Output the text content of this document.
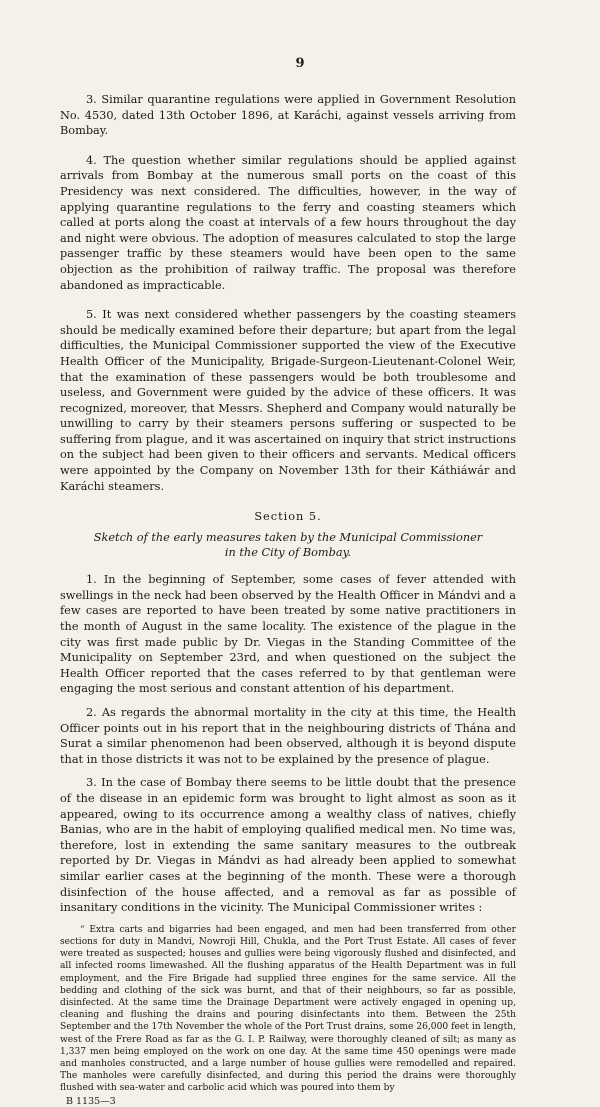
9

3. Similar quarantine regulations were applied in Government Resolution No. 4530, dated 13th October 1896, at Karáchi, against vessels arriving from Bombay.

4. The question whether similar regulations should be applied against arrivals from Bombay at the numerous small ports on the coast of this Presidency was next considered. The difficulties, however, in the way of applying quarantine regulations to the ferry and coasting steamers which called at ports along the coast at intervals of a few hours throughout the day and night were obvious. The adoption of measures calculated to stop the large passenger traffic by these steamers would have been open to the same objection as the prohibition of railway traffic. The proposal was therefore abandoned as impracticable.

5. It was next considered whether passengers by the coasting steamers should be medically examined before their departure; but apart from the legal difficulties, the Municipal Commissioner supported the view of the Executive Health Officer of the Municipality, Brigade-Surgeon-Lieutenant-Colonel Weir, that the examination of these passengers would be both troublesome and useless, and Government were guided by the advice of these officers. It was recognized, moreover, that Messrs. Shepherd and Company would naturally be unwilling to carry by their steamers persons suffering or suspected to be suffering from plague, and it was ascertained on inquiry that strict instructions on the subject had been given to their officers and servants. Medical officers were appointed by the Company on November 13th for their Káthiáwár and Karáchi steamers.

Section 5.
Sketch of the early measures taken by the Municipal Commissioner
in the City of Bombay.

1. In the beginning of September, some cases of fever attended with swellings in the neck had been observed by the Health Officer in Mándvi and a few cases are reported to have been treated by some native practitioners in the month of August in the same locality. The existence of the plague in the city was first made public by Dr. Viegas in the Standing Committee of the Municipality on September 23rd, and when questioned on the subject the Health Officer reported that the cases referred to by that gentleman were engaging the most serious and constant attention of his department.

2. As regards the abnormal mortality in the city at this time, the Health Officer points out in his report that in the neighbouring districts of Thána and Surat a similar phenomenon had been observed, although it is beyond dispute that in those districts it was not to be explained by the presence of plague.

3. In the case of Bombay there seems to be little doubt that the presence of the disease in an epidemic form was brought to light almost as soon as it appeared, owing to its occurrence among a wealthy class of natives, chiefly Banias, who are in the habit of employing qualified medical men. No time was, therefore, lost in extending the same sanitary measures to the outbreak reported by Dr. Viegas in Mándvi as had already been applied to somewhat similar earlier cases at the beginning of the month. These were a thorough disinfection of the house affected, and a removal as far as possible of insanitary conditions in the vicinity. The Municipal Commissioner writes :

“ Extra carts and bigarries had been engaged, and men had been transferred from other sections for duty in Mandvi, Nowroji Hill, Chukla, and the Port Trust Estate. All cases of fever were treated as suspected; houses and gullies were being vigorously flushed and disinfected, and all infected rooms limewashed. All the flushing apparatus of the Health Department was in full employment, and the Fire Brigade had supplied three engines for the same service. All the bedding and clothing of the sick was burnt, and that of their neighbours, so far as possible, disinfected. At the same time the Drainage Department were actively engaged in opening up, cleaning and flushing the drains and pouring disinfectants into them. Between the 25th September and the 17th November the whole of the Port Trust drains, some 26,000 feet in length, west of the Frere Road as far as the G. I. P. Railway, were thoroughly cleaned of silt; as many as 1,337 men being employed on the work on one day. At the same time 450 openings were made and manholes constructed, and a large number of house gullies were remodelled and repaired. The manholes were carefully disinfected, and during this period the drains were thoroughly flushed with sea-water and carbolic acid which was poured into them by

B 1135—3
